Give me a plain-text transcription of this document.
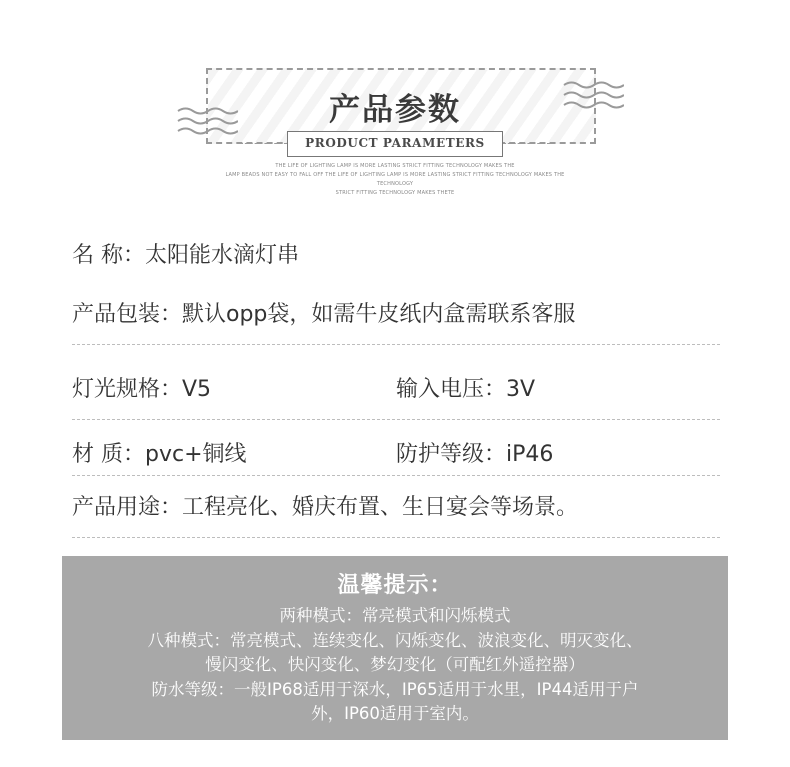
产品参数
PRODUCT PARAMETERS
THE LIFE OF LIGHTING LAMP IS MORE LASTING STRICT FITTING TECHNOLOGY MAKES THE
LAMP BEADS NOT EASY TO FALL OFF THE LIFE OF LIGHTING LAMP IS MORE LASTING STRICT FITTING TECHNOLOGY MAKES THE TECHNOLOGY
STRICT FITTING TECHNOLOGY MAKES THETE
名 称：太阳能水滴灯串
产品包装：默认opp袋，如需牛皮纸内盒需联系客服
灯光规格：V5	输入电压：3V
材 质：pvc+铜线	防护等级：iP46
产品用途：工程亮化、婚庆布置、生日宴会等场景。
温馨提示：
两种模式：常亮模式和闪烁模式
八种模式：常亮模式、连续变化、闪烁变化、波浪变化、明灭变化、
慢闪变化、快闪变化、梦幻变化（可配红外遥控器）
防水等级：一般IP68适用于深水，IP65适用于水里，IP44适用于户
外，IP60适用于室内。
